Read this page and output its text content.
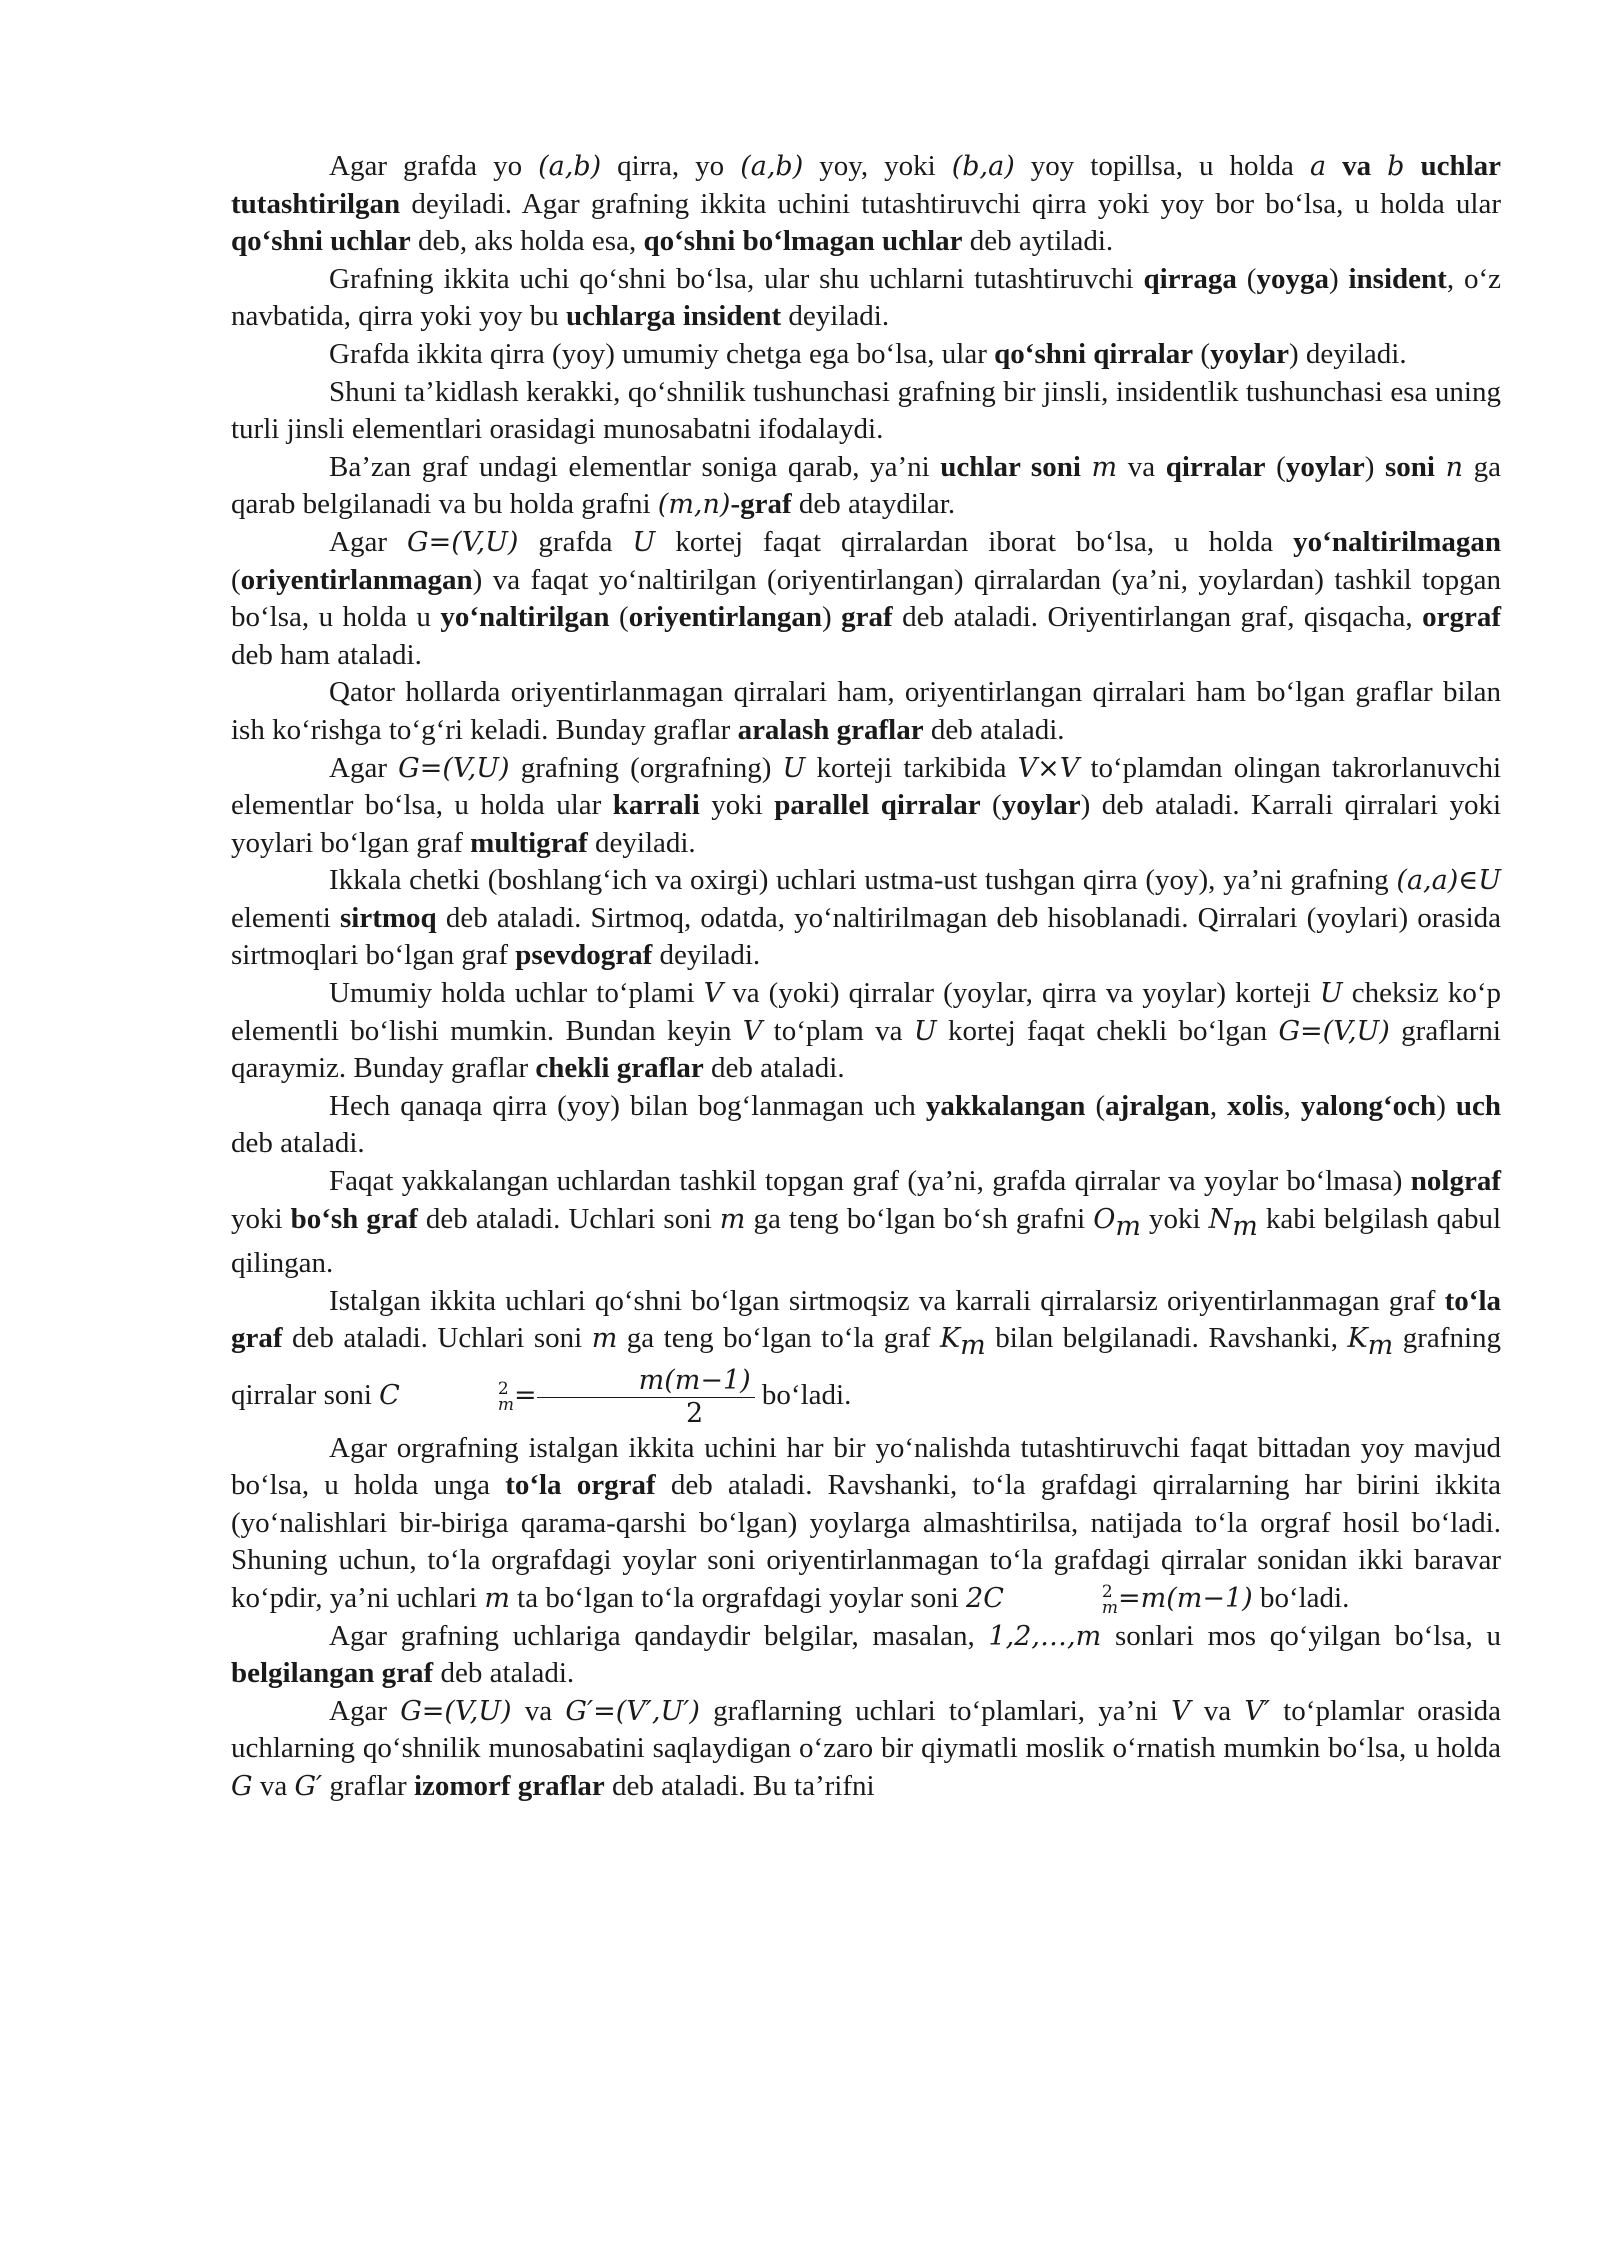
Agar grafda yo (a,b) qirra, yo (a,b) yoy, yoki (b,a) yoy topillsa, u holda a va b uchlar tutashtirilgan deyiladi. Agar grafning ikkita uchini tutashtiruvchi qirra yoki yoy bor boʻlsa, u holda ular qoʻshni uchlar deb, aks holda esa, qoʻshni boʻlmagan uchlar deb aytiladi.

Grafning ikkita uchi qoʻshni boʻlsa, ular shu uchlarni tutashtiruvchi qirraga (yoyga) insident, oʻz navbatida, qirra yoki yoy bu uchlarga insident deyiladi.

Grafda ikkita qirra (yoy) umumiy chetga ega boʻlsa, ular qoʻshni qirralar (yoylar) deyiladi.

Shuni taʼkidlash kerakki, qoʻshnilik tushunchasi grafning bir jinsli, insidentlik tushunchasi esa uning turli jinsli elementlari orasidagi munosabatni ifodalaydi.

Baʼzan graf undagi elementlar soniga qarab, yaʼni uchlar soni m va qirralar (yoylar) soni n ga qarab belgilanadi va bu holda grafni (m,n)-graf deb ataydilar.

Agar G=(V,U) grafda U kortej faqat qirralardan iborat boʻlsa, u holda yoʻnaltirilmagan (oriyentirlanmagan) va faqat yoʻnaltirilgan (oriyentirlangan) qirralardan (yaʼni, yoylardan) tashkil topgan boʻlsa, u holda u yoʻnaltirilgan (oriyentirlangan) graf deb ataladi. Oriyentirlangan graf, qisqacha, orgraf deb ham ataladi.

Qator hollarda oriyentirlanmagan qirralari ham, oriyentirlangan qirralari ham boʻlgan graflar bilan ish koʻrishga toʻgʻri keladi. Bunday graflar aralash graflar deb ataladi.

Agar G=(V,U) grafning (orgrafning) U korteji tarkibida V×V toʻplamdan olingan takrorlanuvchi elementlar boʻlsa, u holda ular karrali yoki parallel qirralar (yoylar) deb ataladi. Karrali qirralari yoki yoylari boʻlgan graf multigraf deyiladi.

Ikkala chetki (boshlangʻich va oxirgi) uchlari ustma-ust tushgan qirra (yoy), yaʼni grafning (a,a)∈U elementi sirtmoq deb ataladi. Sirtmoq, odatda, yoʻnaltirilmagan deb hisoblanadi. Qirralari (yoylari) orasida sirtmoqlari boʻlgan graf psevdograf deyiladi.

Umumiy holda uchlar toʻplami V va (yoki) qirralar (yoylar, qirra va yoylar) korteji U cheksiz koʻp elementli boʻlishi mumkin. Bundan keyin V toʻplam va U kortej faqat chekli boʻlgan G=(V,U) graflarni qaraymiz. Bunday graflar chekli graflar deb ataladi.

Hech qanaqa qirra (yoy) bilan bogʻlanmagan uch yakkalangan (ajralgan, xolis, yalongʻoch) uch deb ataladi.

Faqat yakkalangan uchlardan tashkil topgan graf (yaʼni, grafda qirralar va yoylar boʻlmasa) nolgraf yoki boʻsh graf deb ataladi. Uchlari soni m ga teng boʻlgan boʻsh grafni $O_m$ yoki $N_m$ kabi belgilash qabul qilingan.

Istalgan ikkita uchlari qoʻshni boʻlgan sirtmoqsiz va karrali qirralarsiz oriyentirlanmagan graf toʻla graf deb ataladi. Uchlari soni m ga teng boʻlgan toʻla graf $K_m$ bilan belgilanadi. Ravshanki, $K_m$ grafning qirralar soni C	2
$m = \frac{m(m-1)}{2}$ boʻladi.

Agar orgrafning istalgan ikkita uchini har bir yoʻnalishda tutashtiruvchi faqat bittadan yoy mavjud boʻlsa, u holda unga toʻla orgraf deb ataladi. Ravshanki, toʻla grafdagi qirralarning har birini ikkita (yoʻnalishlari bir-biriga qarama-qarshi boʻlgan) yoylarga almashtirilsa, natijada toʻla orgraf hosil boʻladi. Shuning uchun, toʻla orgrafdagi yoylar soni oriyentirlanmagan toʻla grafdagi qirralar sonidan ikki baravar koʻpdir, yaʼni uchlari m ta boʻlgan toʻla orgrafdagi yoylar soni 2C	2
m =m(m−1) boʻladi.

Agar grafning uchlariga qandaydir belgilar, masalan, 1,2,…,m sonlari mos qoʻyilgan boʻlsa, u belgilangan graf deb ataladi.

Agar G=(V,U) va G′=(V′,U′) graflarning uchlari toʻplamlari, yaʼni V va V′ toʻplamlar orasida uchlarning qoʻshnilik munosabatini saqlaydigan oʻzaro bir qiymatli moslik oʻrnatish mumkin boʻlsa, u holda G va G′ graflar izomorf graflar deb ataladi. Bu taʼrifni
